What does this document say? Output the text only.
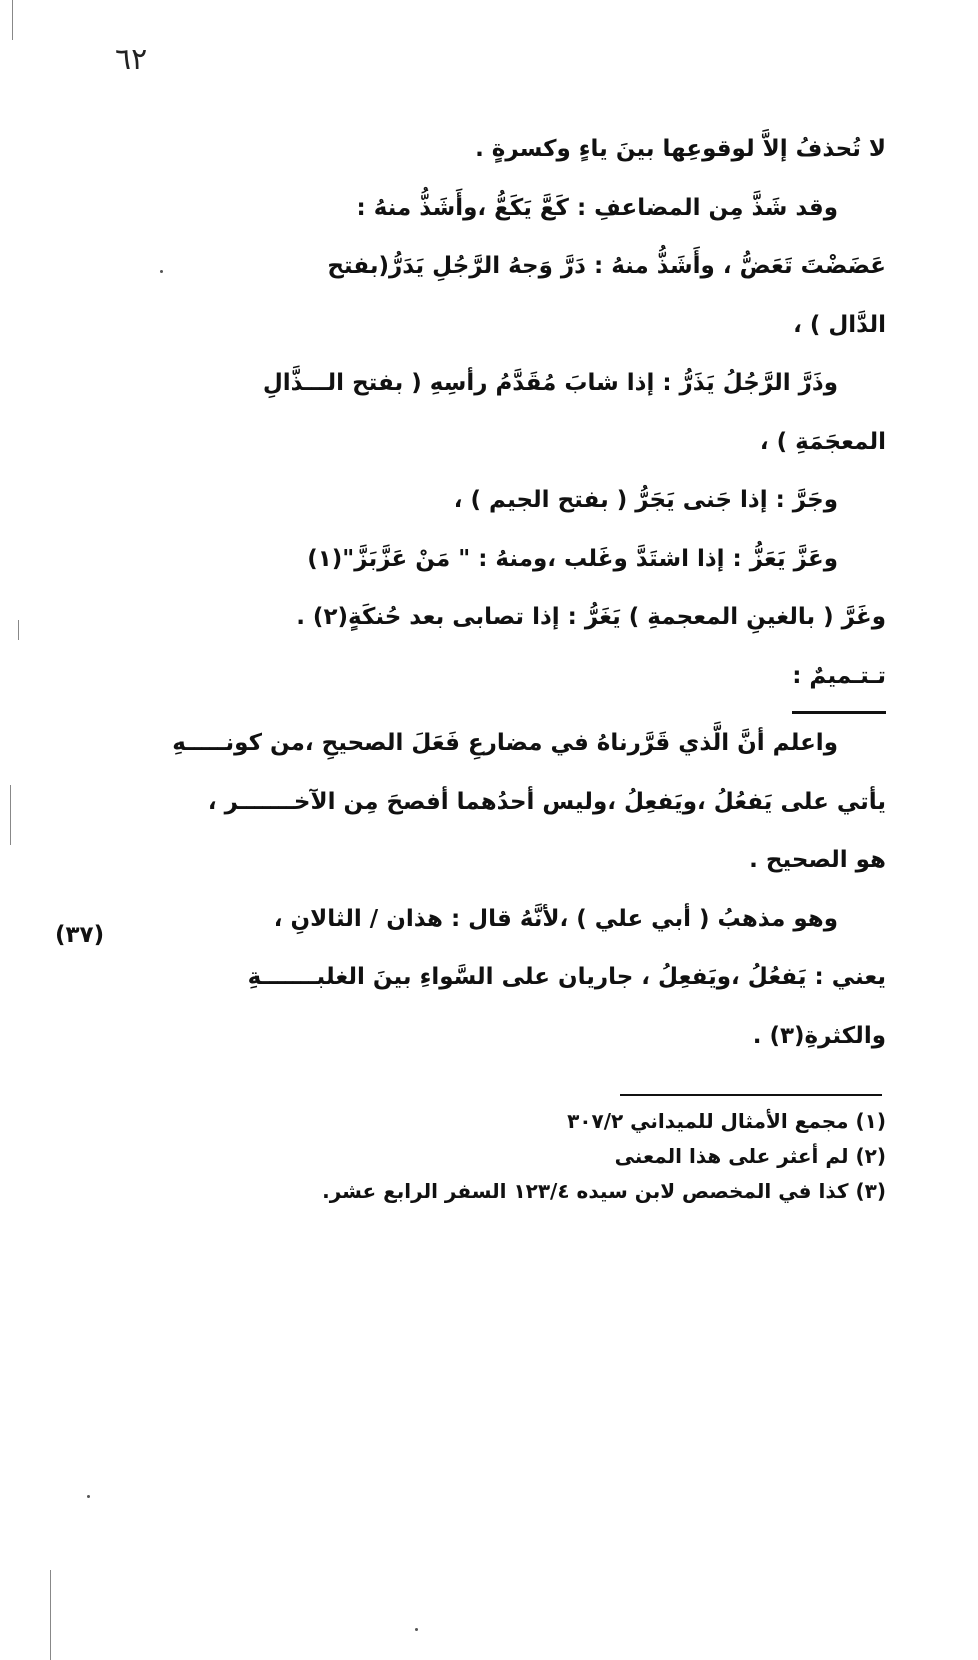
٦٢

لا تُحذفُ إلاَّ لوقوعِها بينَ ياءٍ وكسرةٍ .

وقد شَذَّ مِن المضاعفِ : كَعَّ يَكَعُّ ،وأَشَذُّ منهُ :

عَضَضْتَ تَعَضُّ ، وأَشَذُّ منهُ : دَرَّ وَجهُ الرَّجُلِ يَدَرُّ(بفتح

الدَّال ) ،

وذَرَّ الرَّجُلُ يَذَرُّ : إذا شابَ مُقَدَّمُ رأسِهِ ( بفتح الـــذَّالِ

المعجَمَةِ ) ،

وجَرَّ : إذا جَنى يَجَرُّ ( بفتح الجيم ) ،

وعَزَّ يَعَزُّ : إذا اشتَدَّ وغَلب ،ومنهُ : " مَنْ عَزَّبَزَّ"(١)

وغَرَّ ( بالغينِ المعجمةِ ) يَغَرُّ : إذا تصابى بعد حُنكَةٍ(٢) .

تـتـميمٌ :

واعلم أنَّ الَّذي قَرَّرناهُ في مضارعِ فَعَلَ الصحيحِ ،من كونـــــهِ

يأتي على يَفعُلُ ،ويَفعِلُ ،وليس أحدُهما أفصحَ مِن الآخـــــــر ،

هو الصحيح .

وهو مذهبُ ( أبي علي ) ،لأنَّهُ قال : هذان / الثالانِ ،

يعني : يَفعُلُ ،ويَفعِلُ ، جاريان على السَّواءِ بينَ الغلبـــــــةِ

والكثرةِ(٣) .

(٣٧)

(١) مجمع الأمثال للميداني ٣٠٧/٢

(٢) لم أعثر على هذا المعنى

(٣) كذا في المخصص لابن سيده ١٢٣/٤ السفر الرابع عشر.
